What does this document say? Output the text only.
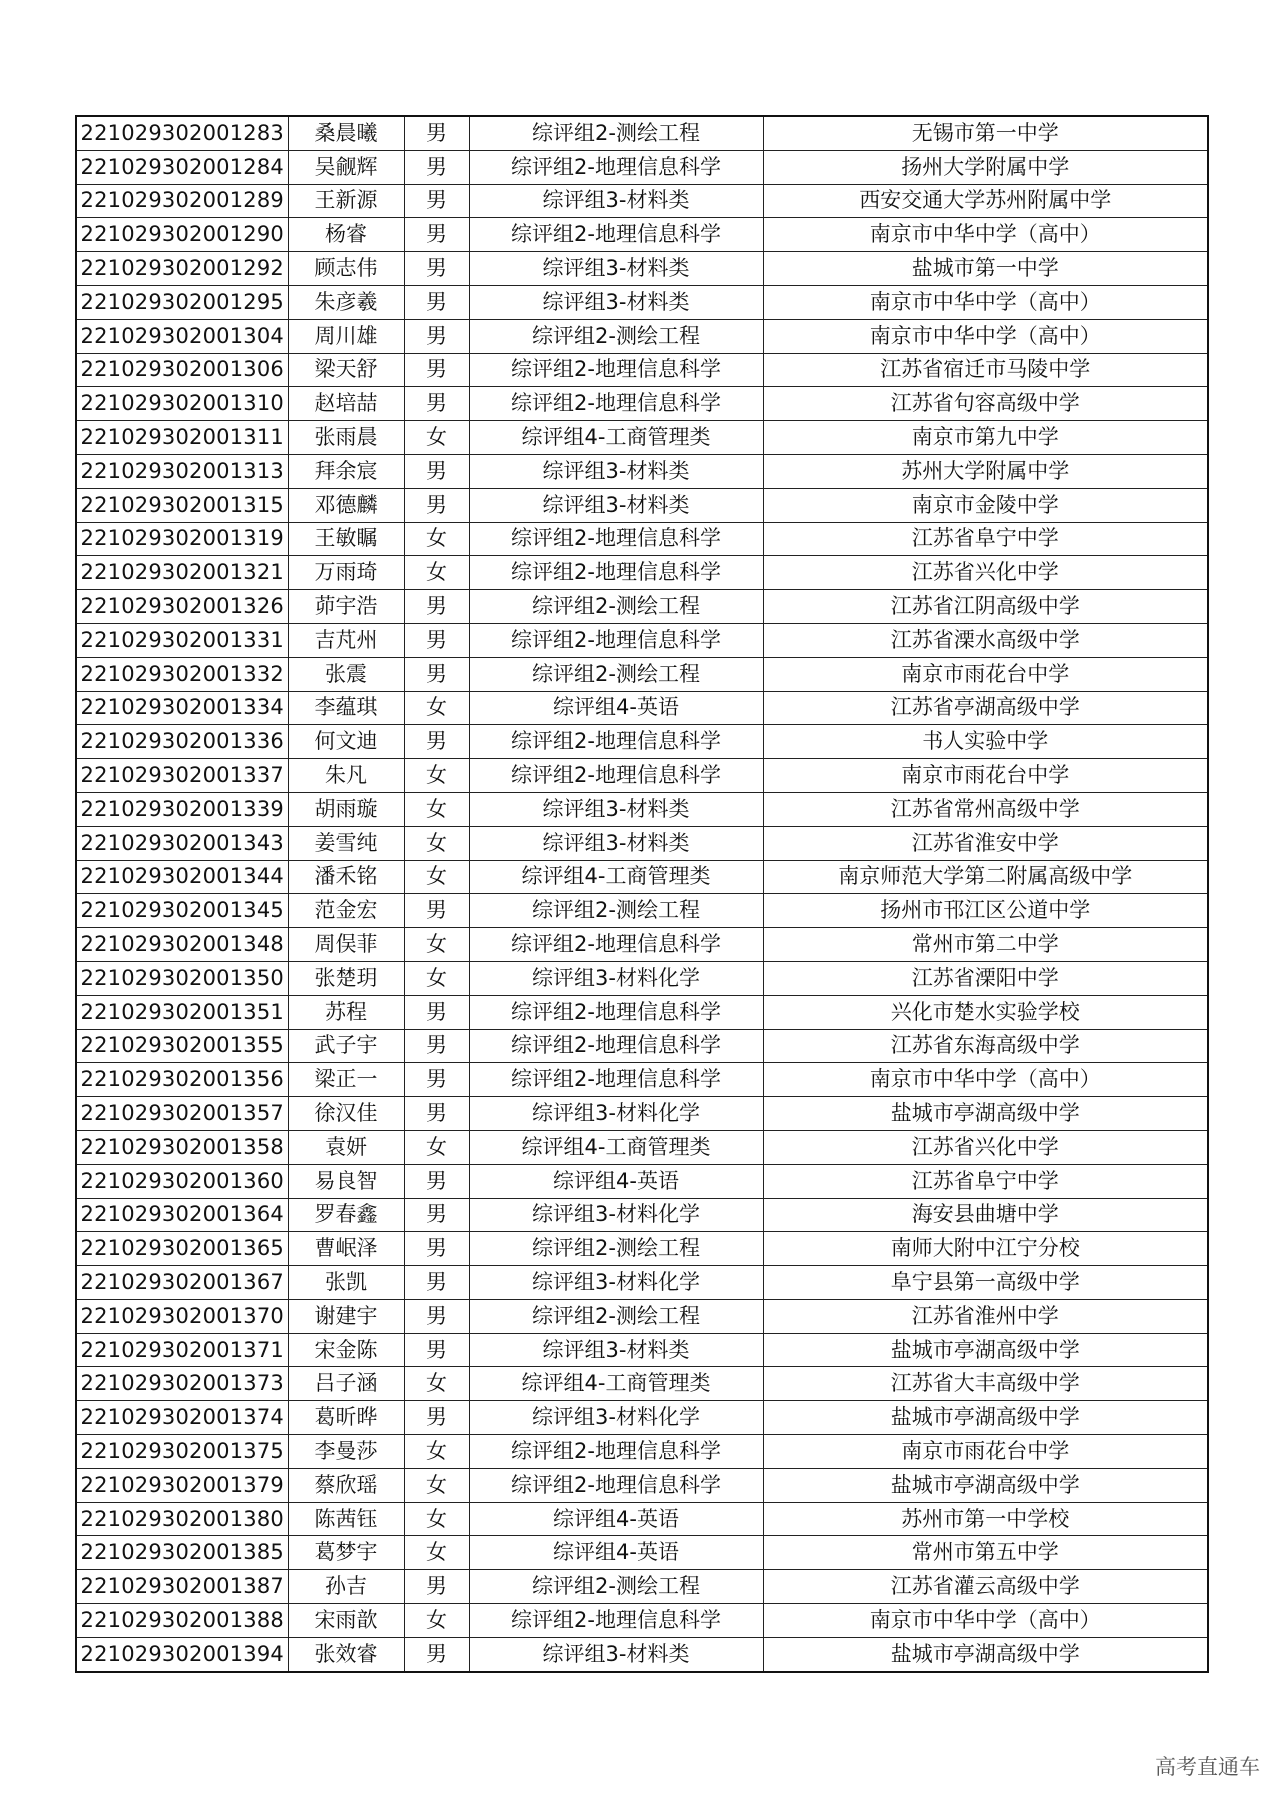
221029302001283	桑晨曦	男	综评组2-测绘工程	无锡市第一中学
221029302001284	吴觎辉	男	综评组2-地理信息科学	扬州大学附属中学
221029302001289	王新源	男	综评组3-材料类	西安交通大学苏州附属中学
221029302001290	杨睿	男	综评组2-地理信息科学	南京市中华中学（高中）
221029302001292	顾志伟	男	综评组3-材料类	盐城市第一中学
221029302001295	朱彦羲	男	综评组3-材料类	南京市中华中学（高中）
221029302001304	周川雄	男	综评组2-测绘工程	南京市中华中学（高中）
221029302001306	梁天舒	男	综评组2-地理信息科学	江苏省宿迁市马陵中学
221029302001310	赵培喆	男	综评组2-地理信息科学	江苏省句容高级中学
221029302001311	张雨晨	女	综评组4-工商管理类	南京市第九中学
221029302001313	拜余宸	男	综评组3-材料类	苏州大学附属中学
221029302001315	邓德麟	男	综评组3-材料类	南京市金陵中学
221029302001319	王敏瞩	女	综评组2-地理信息科学	江苏省阜宁中学
221029302001321	万雨琦	女	综评组2-地理信息科学	江苏省兴化中学
221029302001326	茆宇浩	男	综评组2-测绘工程	江苏省江阴高级中学
221029302001331	吉芃州	男	综评组2-地理信息科学	江苏省溧水高级中学
221029302001332	张震	男	综评组2-测绘工程	南京市雨花台中学
221029302001334	李蕴琪	女	综评组4-英语	江苏省亭湖高级中学
221029302001336	何文迪	男	综评组2-地理信息科学	书人实验中学
221029302001337	朱凡	女	综评组2-地理信息科学	南京市雨花台中学
221029302001339	胡雨璇	女	综评组3-材料类	江苏省常州高级中学
221029302001343	姜雪纯	女	综评组3-材料类	江苏省淮安中学
221029302001344	潘禾铭	女	综评组4-工商管理类	南京师范大学第二附属高级中学
221029302001345	范金宏	男	综评组2-测绘工程	扬州市邗江区公道中学
221029302001348	周俣菲	女	综评组2-地理信息科学	常州市第二中学
221029302001350	张楚玥	女	综评组3-材料化学	江苏省溧阳中学
221029302001351	苏程	男	综评组2-地理信息科学	兴化市楚水实验学校
221029302001355	武子宇	男	综评组2-地理信息科学	江苏省东海高级中学
221029302001356	梁正一	男	综评组2-地理信息科学	南京市中华中学（高中）
221029302001357	徐汉佳	男	综评组3-材料化学	盐城市亭湖高级中学
221029302001358	袁妍	女	综评组4-工商管理类	江苏省兴化中学
221029302001360	易良智	男	综评组4-英语	江苏省阜宁中学
221029302001364	罗春鑫	男	综评组3-材料化学	海安县曲塘中学
221029302001365	曹岷泽	男	综评组2-测绘工程	南师大附中江宁分校
221029302001367	张凯	男	综评组3-材料化学	阜宁县第一高级中学
221029302001370	谢建宇	男	综评组2-测绘工程	江苏省淮州中学
221029302001371	宋金陈	男	综评组3-材料类	盐城市亭湖高级中学
221029302001373	吕子涵	女	综评组4-工商管理类	江苏省大丰高级中学
221029302001374	葛昕晔	男	综评组3-材料化学	盐城市亭湖高级中学
221029302001375	李曼莎	女	综评组2-地理信息科学	南京市雨花台中学
221029302001379	蔡欣瑶	女	综评组2-地理信息科学	盐城市亭湖高级中学
221029302001380	陈茜钰	女	综评组4-英语	苏州市第一中学校
221029302001385	葛梦宇	女	综评组4-英语	常州市第五中学
221029302001387	孙吉	男	综评组2-测绘工程	江苏省灌云高级中学
221029302001388	宋雨歆	女	综评组2-地理信息科学	南京市中华中学（高中）
221029302001394	张效睿	男	综评组3-材料类	盐城市亭湖高级中学
高考直通车
